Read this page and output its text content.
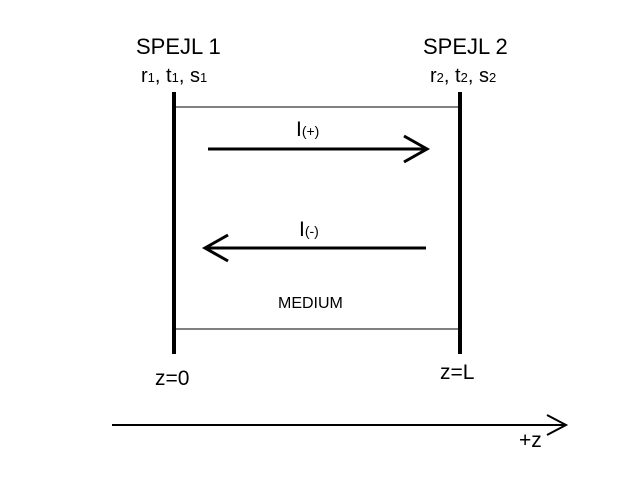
SPEJL 1
r1, t1, s1
SPEJL 2
r2, t2, s2
I(+)
I(-)
MEDIUM
z=0	z=L
+z
